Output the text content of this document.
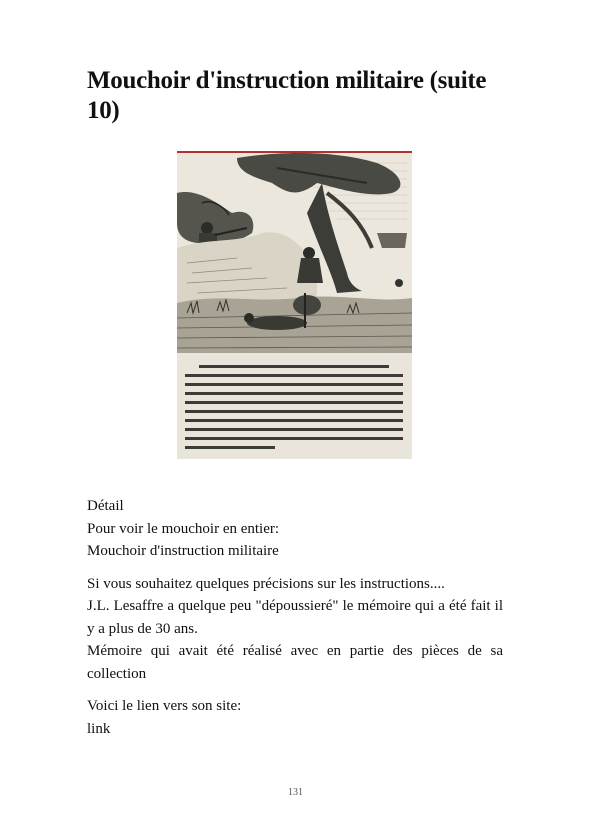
Mouchoir d'instruction militaire (suite 10)

Détail

Pour voir le mouchoir en entier:

Mouchoir d'instruction militaire

Si vous souhaitez quelques précisions sur les instructions....

J.L. Lesaffre a quelque peu "dépoussieré" le mémoire qui a été fait il y a plus de 30 ans.

Mémoire qui avait été réalisé avec en partie des pièces de sa collection

Voici le lien vers son site:

link

131
